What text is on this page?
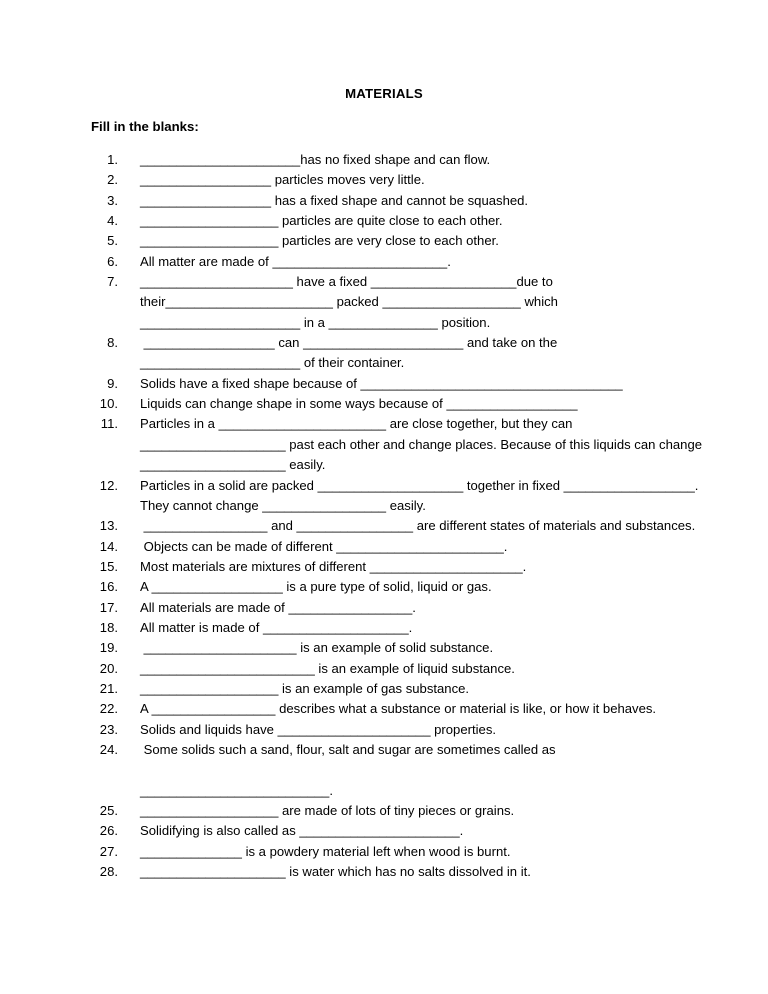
MATERIALS
Fill in the blanks:
1. ______________________has no fixed shape and can flow.
2. __________________ particles moves very little.
3. __________________ has a fixed shape and cannot be squashed.
4. ___________________ particles are quite close to each other.
5. ___________________ particles are very close to each other.
6. All matter are made of ________________________.
7. _____________________ have a fixed ____________________due to their_______________________ packed ___________________ which ______________________ in a _______________ position.
8. __________________ can ______________________ and take on the ______________________ of their container.
9. Solids have a fixed shape because of ____________________________________
10. Liquids can change shape in some ways because of __________________
11. Particles in a _______________________ are close together, but they can ____________________ past each other and change places. Because of this liquids can change ____________________ easily.
12. Particles in a solid are packed ____________________ together in fixed __________________. They cannot change _________________ easily.
13. _________________ and ________________ are different states of materials and substances.
14. Objects can be made of different _______________________.
15. Most materials are mixtures of different _____________________.
16. A __________________ is a pure type of solid, liquid or gas.
17. All materials are made of _________________.
18. All matter is made of ____________________.
19. _____________________ is an example of solid substance.
20. ________________________ is an example of liquid substance.
21. ___________________ is an example of gas substance.
22. A _________________ describes what a substance or material is like, or how it behaves.
23. Solids and liquids have _____________________ properties.
24. Some solids such a sand, flour, salt and sugar are sometimes called as
__________________________.
25. ___________________ are made of lots of tiny pieces or grains.
26. Solidifying is also called as ______________________.
27. ______________ is a powdery material left when wood is burnt.
28. ____________________ is water which has no salts dissolved in it.
